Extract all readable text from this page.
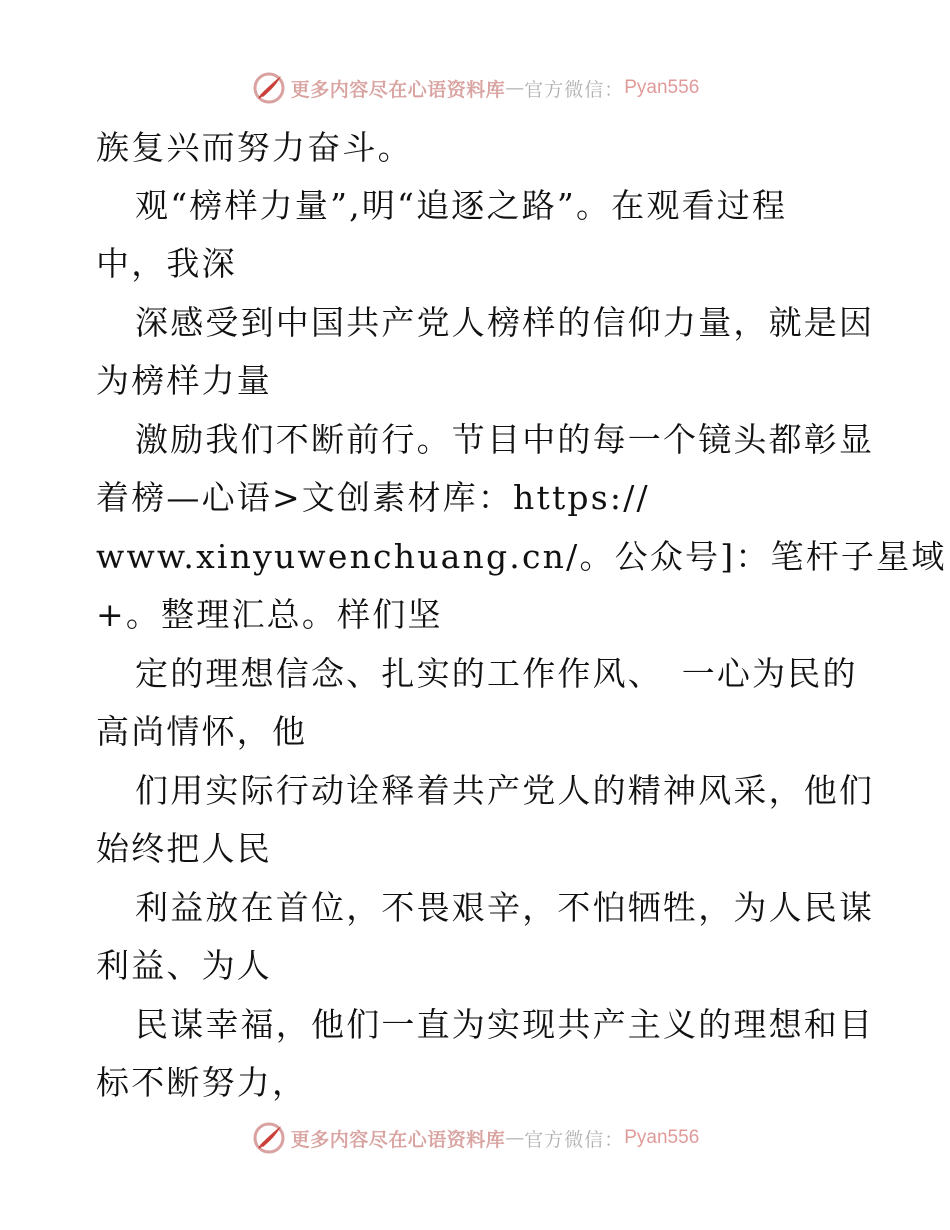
更多内容尽在心语资料库 — 官方微信： Pyan556
族复兴而努力奋斗。
观“榜样力量”,明“追逐之路”。在观看过程
中，我深
深感受到中国共产党人榜样的信仰力量，就是因
为榜样力量
激励我们不断前行。节目中的每一个镜头都彰显
着榜—心语>文创素材库：https://
www.xinyuwenchuang.cn/。公众号]：笔杆子星域
+。整理汇总。样们坚
定的理想信念、扎实的工作作风、　一心为民的
高尚情怀，他
们用实际行动诠释着共产党人的精神风采，他们
始终把人民
利益放在首位，不畏艰辛，不怕牺牲，为人民谋
利益、为人
民谋幸福，他们一直为实现共产主义的理想和目
标不断努力，
更多内容尽在心语资料库 — 官方微信： Pyan556
